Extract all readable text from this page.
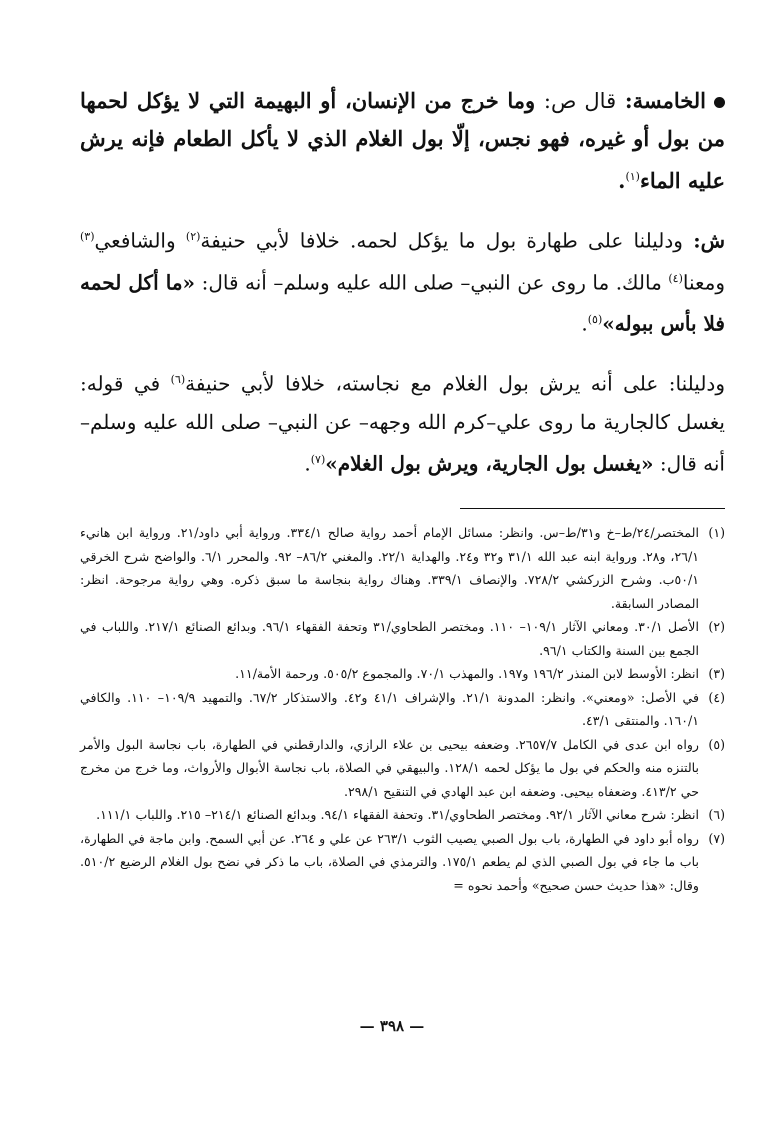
الخامسة: قال ص: وما خرج من الإنسان، أو البهيمة التي لا يؤكل لحمها من بول أو غيره، فهو نجس، إلّا بول الغلام الذي لا يأكل الطعام فإنه يرش عليه الماء$^{(١)}$.

ش: ودليلنا على طهارة بول ما يؤكل لحمه. خلافا لأبي حنيفة$^{(٢)}$ والشافعي$^{(٣)}$ ومعنا$^{(٤)}$ مالك. ما روى عن النبي– صلى الله عليه وسلم– أنه قال: «ما أكل لحمه فلا بأس ببوله»$^{(٥)}$.

ودليلنا: على أنه يرش بول الغلام مع نجاسته، خلافا لأبي حنيفة$^{(٦)}$ في قوله: يغسل كالجارية ما روى علي–كرم الله وجهه– عن النبي– صلى الله عليه وسلم– أنه قال: «يغسل بول الجارية، ويرش بول الغلام»$^{(٧)}$.

(١)
المختصر/٢٤/ط–خ و٣١/ط–س. وانظر: مسائل الإمام أحمد رواية صالح ٣٣٤/١. ورواية أبي داود/٢١. ورواية ابن هانيء ٢٦/١، و٢٨. ورواية ابنه عبد الله ٣١/١ و٣٢ و٢٤. والهداية ٢٢/١. والمغني ٨٦/٢– ٩٢. والمحرر ٦/١. والواضح شرح الخرقي ٥٠/١ب. وشرح الزركشي ٧٢٨/٢. والإنصاف ٣٣٩/١. وهناك رواية بنجاسة ما سبق ذكره. وهي رواية مرجوحة. انظر: المصادر السابقة.
(٢)
الأصل ٣٠/١. ومعاني الآثار ١٠٩/١– ١١٠. ومختصر الطحاوي/٣١ وتحفة الفقهاء ٩٦/١. وبدائع الصنائع ٢١٧/١. واللباب في الجمع بين السنة والكتاب ٩٦/١.
(٣)
انظر: الأوسط لابن المنذر ١٩٦/٢ و١٩٧. والمهذب ٧٠/١. والمجموع ٥٠٥/٢. ورحمة الأمة/١١.
(٤)
في الأصل: «ومعني». وانظر: المدونة ٢١/١. والإشراف ٤١/١ و٤٢. والاستذكار ٦٧/٢. والتمهيد ١٠٩/٩– ١١٠. والكافي ١٦٠/١. والمنتقى ٤٣/١.
(٥)
رواه ابن عدى في الكامل ٢٦٥٧/٧. وضعفه بيحيى بن علاء الرازي، والدارقطني في الطهارة، باب نجاسة البول والأمر بالتنزه منه والحكم في بول ما يؤكل لحمه ١٢٨/١. والبيهقي في الصلاة، باب نجاسة الأبوال والأرواث، وما خرج من مخرج حي ٤١٣/٢. وضعفاه بيحيى. وضعفه ابن عبد الهادي في التنقيح ٢٩٨/١.
(٦)
انظر: شرح معاني الآثار ٩٢/١. ومختصر الطحاوي/٣١. وتحفة الفقهاء ٩٤/١. وبدائع الصنائع ٢١٤/١– ٢١٥. واللباب ١١١/١.
(٧)
رواه أبو داود في الطهارة، باب بول الصبي يصيب الثوب ٢٦٣/١ عن علي و ٢٦٤. عن أبي السمح. وابن ماجة في الطهارة، باب ما جاء في بول الصبي الذي لم يطعم ١٧٥/١. والترمذي في الصلاة، باب ما ذكر في نضح بول الغلام الرضيع ٥١٠/٢. وقال: «هذا حديث حسن صحيح» وأحمد نحوه =
— ٣٩٨ —
